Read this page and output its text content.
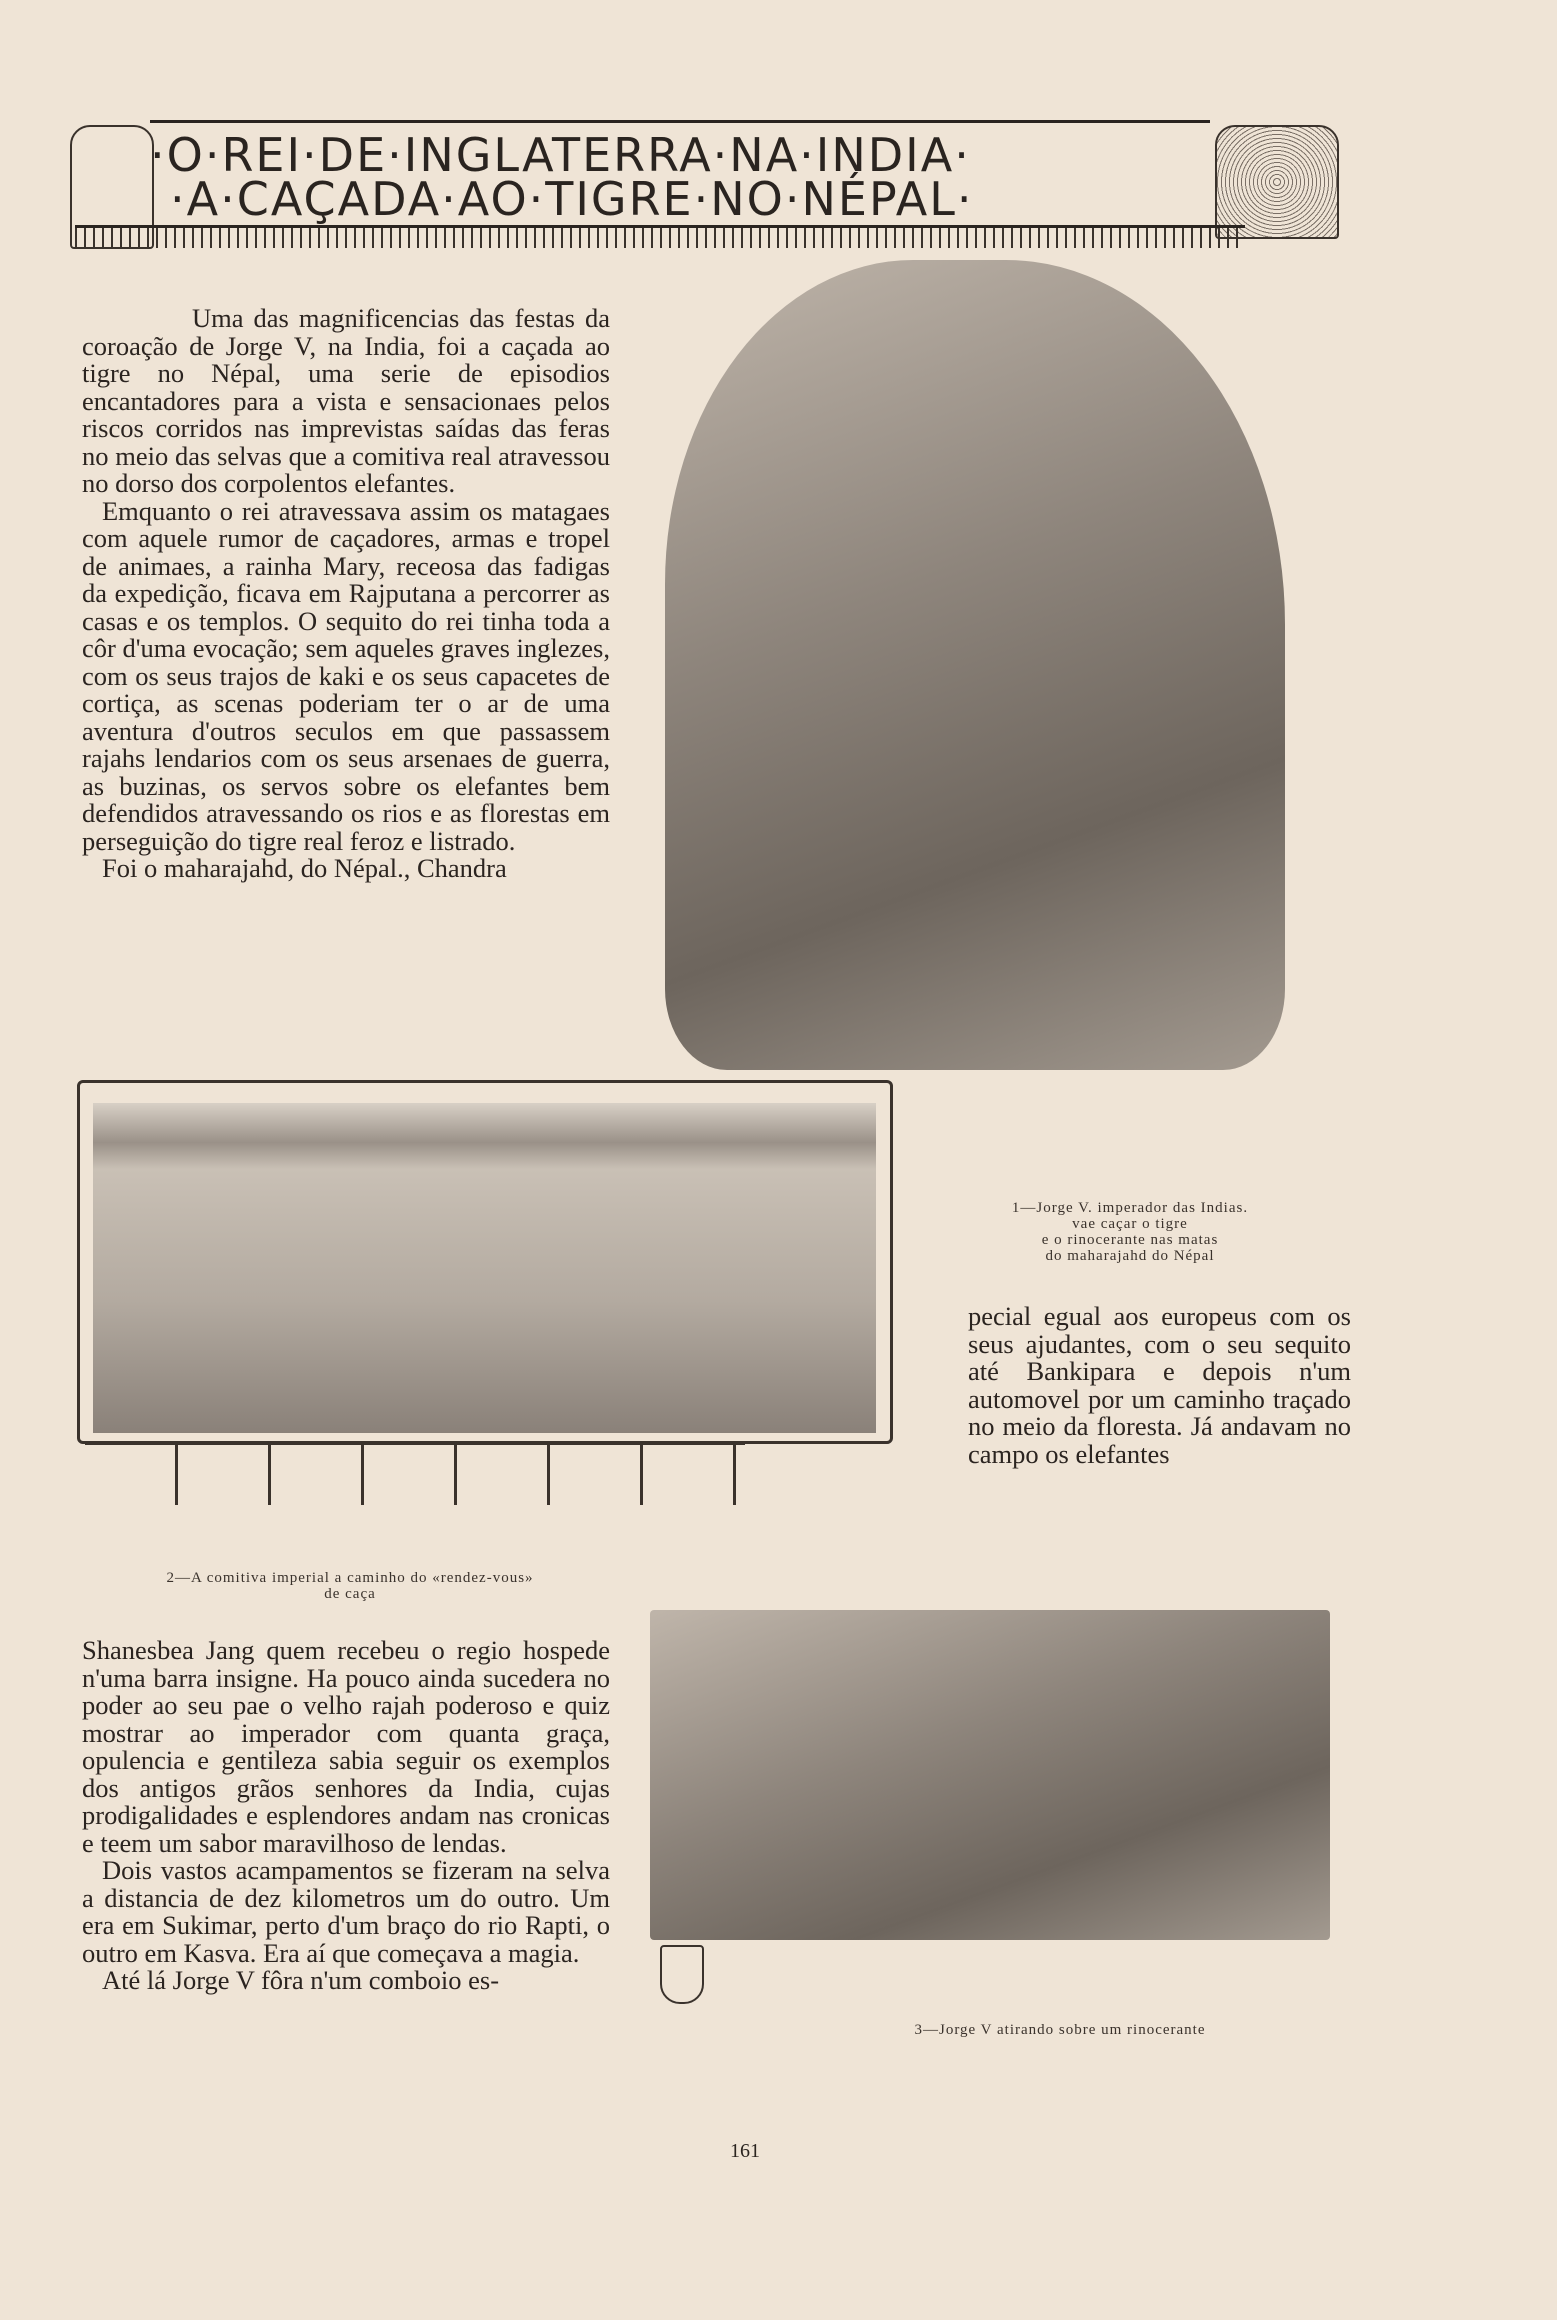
·O·REI·DE·INGLATERRA·NA·INDIA·
·A·CAÇADA·AO·TIGRE·NO·NÉPAL·

Uma das magnificencias das festas da coroação de Jorge V, na India, foi a caçada ao tigre no Népal, uma serie de episodios encantadores para a vista e sensacionaes pelos riscos corridos nas imprevistas saídas das feras no meio das selvas que a comitiva real atravessou no dorso dos corpolentos elefantes.

Emquanto o rei atravessava assim os matagaes com aquele rumor de caçadores, armas e tropel de animaes, a rainha Mary, receosa das fadigas da expedição, ficava em Rajputana a percorrer as casas e os templos. O sequito do rei tinha toda a côr d'uma evocação; sem aqueles graves inglezes, com os seus trajos de kaki e os seus capacetes de cortiça, as scenas poderiam ter o ar de uma aventura d'outros seculos em que passassem rajahs lendarios com os seus arsenaes de guerra, as buzinas, os servos sobre os elefantes bem defendidos atravessando os rios e as florestas em perseguição do tigre real feroz e listrado.

Foi o maharajahd, do Népal., Chandra

1—Jorge V. imperador das Indias.
vae caçar o tigre
e o rinocerante nas matas
do maharajahd do Népal

pecial egual aos europeus com os seus ajudantes, com o seu sequito até Bankipara e depois n'um automovel por um caminho traçado no meio da floresta. Já andavam no campo os elefantes

2—A comitiva imperial a caminho do «rendez-vous»
de caça

Shanesbea Jang quem recebeu o regio hospede n'uma barra insigne. Ha pouco ainda sucedera no poder ao seu pae o velho rajah poderoso e quiz mostrar ao imperador com quanta graça, opulencia e gentileza sabia seguir os exemplos dos antigos grãos senhores da India, cujas prodigalidades e esplendores andam nas cronicas e teem um sabor maravilhoso de lendas.

Dois vastos acampamentos se fizeram na selva a distancia de dez kilometros um do outro. Um era em Sukimar, perto d'um braço do rio Rapti, o outro em Kasva. Era aí que começava a magia.

Até lá Jorge V fôra n'um comboio es-

3—Jorge V atirando sobre um rinocerante
161
